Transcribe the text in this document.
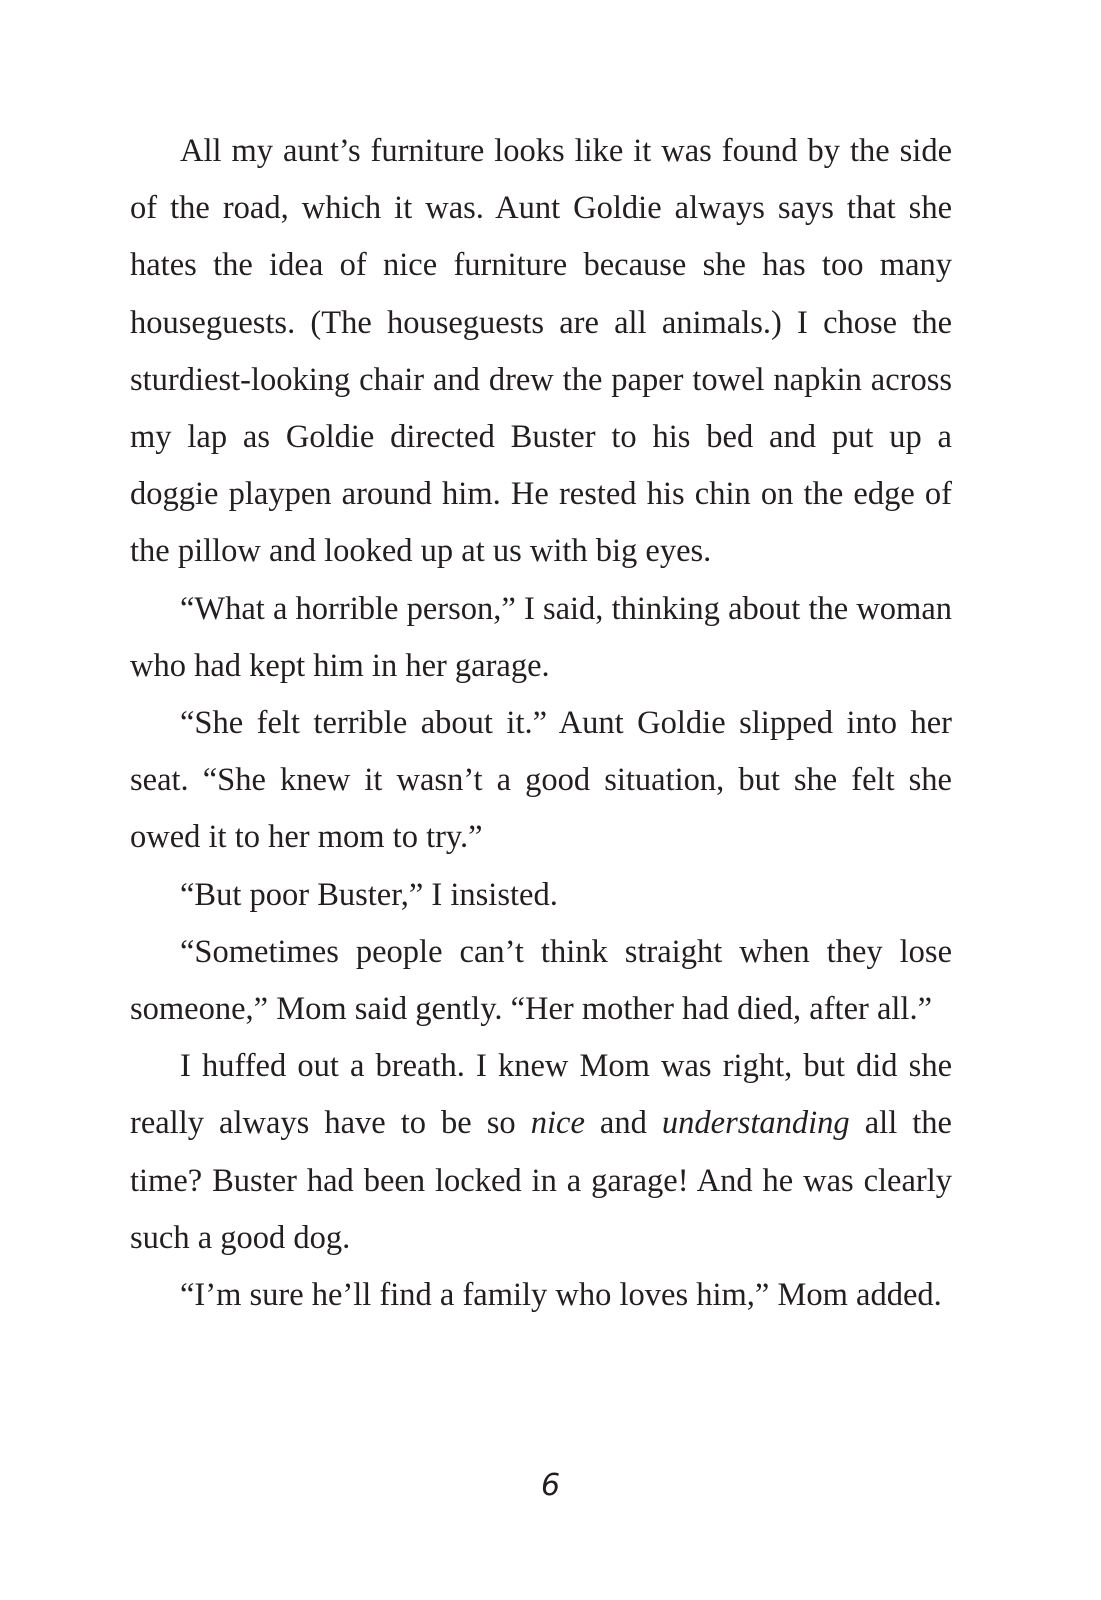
All my aunt’s furniture looks like it was found by the side of the road, which it was. Aunt Goldie always says that she hates the idea of nice furniture because she has too many houseguests. (The houseguests are all animals.) I chose the sturdiest-looking chair and drew the paper towel napkin across my lap as Goldie directed Buster to his bed and put up a doggie playpen around him. He rested his chin on the edge of the pillow and looked up at us with big eyes.

“What a horrible person,” I said, thinking about the woman who had kept him in her garage.

“She felt terrible about it.” Aunt Goldie slipped into her seat. “She knew it wasn’t a good situation, but she felt she owed it to her mom to try.”

“But poor Buster,” I insisted.

“Sometimes people can’t think straight when they lose someone,” Mom said gently. “Her mother had died, after all.”

I huffed out a breath. I knew Mom was right, but did she really always have to be so nice and understanding all the time? Buster had been locked in a garage! And he was clearly such a good dog.

“I’m sure he’ll find a family who loves him,” Mom added.

6
